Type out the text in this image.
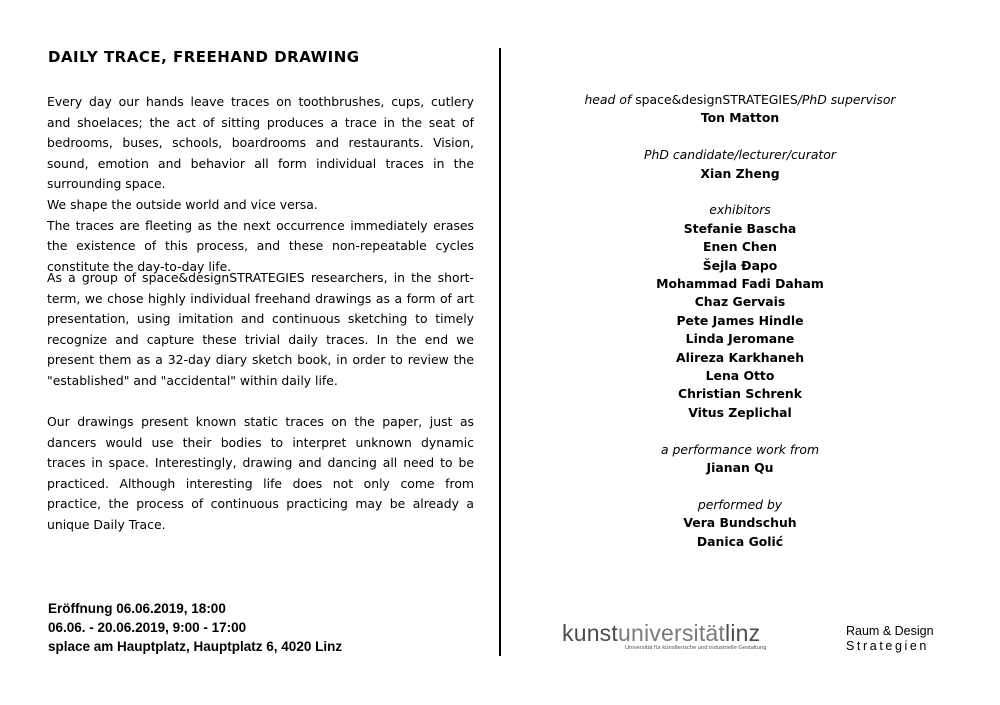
DAILY TRACE, FREEHAND DRAWING

Every day our hands leave traces on toothbrushes, cups, cutlery and shoelaces; the act of sitting produces a trace in the seat of bedrooms, buses, schools, boardrooms and restaurants. Vision, sound, emotion and behavior all form individual traces in the surrounding space.
We shape the outside world and vice versa.
The traces are fleeting as the next occurrence immediately erases the existence of this process, and these non-repeatable cycles constitute the day-to-day life.

As a group of space&designSTRATEGIES researchers, in the short-term, we chose highly individual freehand drawings as a form of art presentation, using imitation and continuous sketching to timely recognize and capture these trivial daily traces. In the end we present them as a 32-day diary sketch book, in order to review the "established" and "accidental" within daily life.

Our drawings present known static traces on the paper, just as dancers would use their bodies to interpret unknown dynamic traces in space. Interestingly, drawing and dancing all need to be practiced. Although interesting life does not only come from practice, the process of continuous practicing may be already a unique Daily Trace.

Eröffnung 06.06.2019, 18:00
06.06. - 20.06.2019, 9:00 - 17:00
splace am Hauptplatz, Hauptplatz 6, 4020 Linz
head of space&designSTRATEGIES/PhD supervisor
Ton Matton
PhD candidate/lecturer/curator
Xian Zheng
exhibitors
Stefanie Bascha
Enen Chen
Šejla Đapo
Mohammad Fadi Daham
Chaz Gervais
Pete James Hindle
Linda Jeromane
Alireza Karkhaneh
Lena Otto
Christian Schrenk
Vitus Zeplichal
a performance work from
Jianan Qu
performed by
Vera Bundschuh
Danica Golić
kunstuniversitätlinz
Universität für künstlerische und industrielle Gestaltung
Raum & Design
Strategien
